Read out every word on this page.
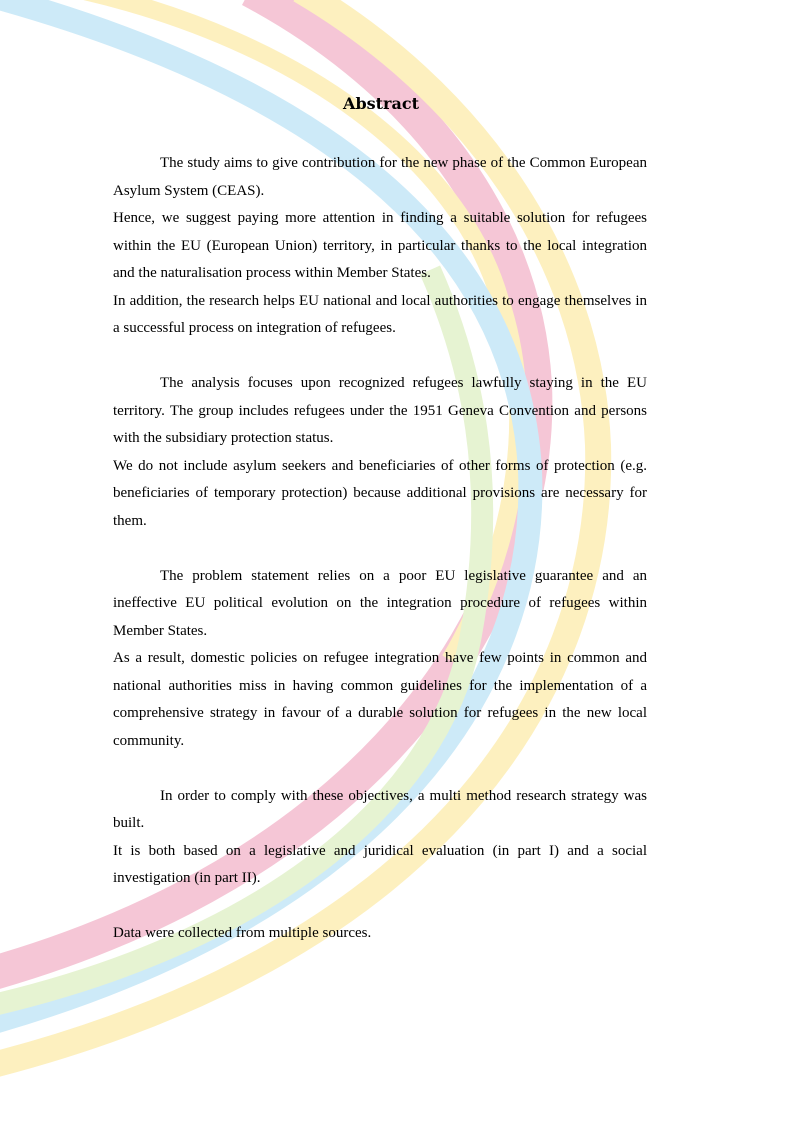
Abstract

The study aims to give contribution for the new phase of the Common European Asylum System (CEAS).

Hence, we suggest paying more attention in finding a suitable solution for refugees within the EU (European Union) territory, in particular thanks to the local integration and the naturalisation process within Member States.

In addition, the research helps EU national and local authorities to engage themselves in a successful process on integration of refugees.

The analysis focuses upon recognized refugees lawfully staying in the EU territory. The group includes refugees under the 1951 Geneva Convention and persons with the subsidiary protection status.

We do not include asylum seekers and beneficiaries of other forms of protection (e.g. beneficiaries of temporary protection) because additional provisions are necessary for them.

The problem statement relies on a poor EU legislative guarantee and an ineffective EU political evolution on the integration procedure of refugees within Member States.

As a result, domestic policies on refugee integration have few points in common and national authorities miss in having common guidelines for the implementation of a comprehensive strategy in favour of a durable solution for refugees in the new local community.

In order to comply with these objectives, a multi method research strategy was built.

It is both based on a legislative and juridical evaluation (in part I) and a social investigation (in part II).

Data were collected from multiple sources.
